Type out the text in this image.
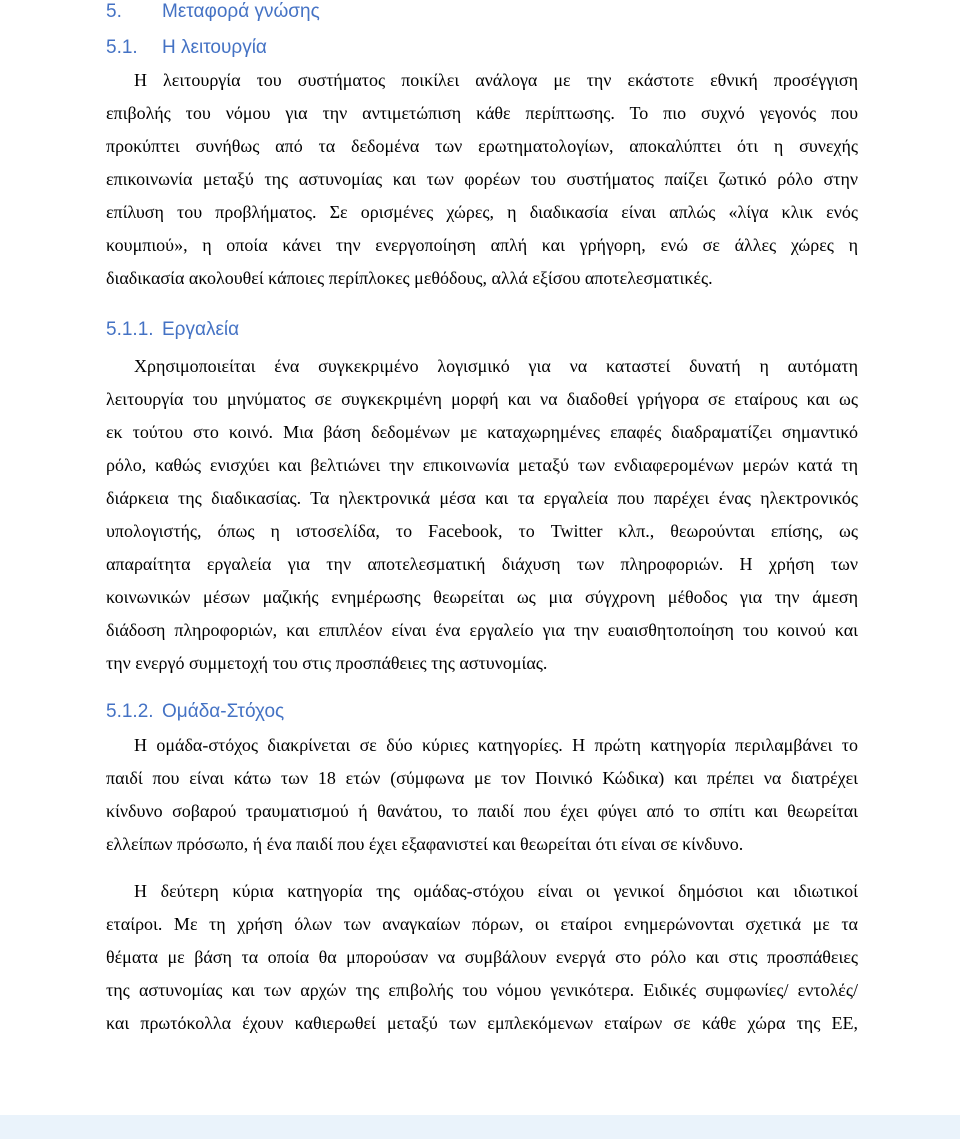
5. Μεταφορά γνώσης
5.1. Η λειτουργία
Η λειτουργία του συστήματος ποικίλει ανάλογα με την εκάστοτε εθνική προσέγγιση
επιβολής του νόμου για την αντιμετώπιση κάθε περίπτωσης. Το πιο συχνό γεγονός που
προκύπτει συνήθως από τα δεδομένα των ερωτηματολογίων, αποκαλύπτει ότι η συνεχής
επικοινωνία μεταξύ της αστυνομίας και των φορέων του συστήματος παίζει ζωτικό ρόλο στην
επίλυση του προβλήματος. Σε ορισμένες χώρες, η διαδικασία είναι απλώς «λίγα κλικ ενός
κουμπιού», η οποία κάνει την ενεργοποίηση απλή και γρήγορη, ενώ σε άλλες χώρες η
διαδικασία ακολουθεί κάποιες περίπλοκες μεθόδους, αλλά εξίσου αποτελεσματικές.
5.1.1. Εργαλεία
Χρησιμοποιείται ένα συγκεκριμένο λογισμικό για να καταστεί δυνατή η αυτόματη
λειτουργία του μηνύματος σε συγκεκριμένη μορφή και να διαδοθεί γρήγορα σε εταίρους και ως
εκ τούτου στο κοινό. Μια βάση δεδομένων με καταχωρημένες επαφές διαδραματίζει σημαντικό
ρόλο, καθώς ενισχύει και βελτιώνει την επικοινωνία μεταξύ των ενδιαφερομένων μερών κατά τη
διάρκεια της διαδικασίας. Τα ηλεκτρονικά μέσα και τα εργαλεία που παρέχει ένας ηλεκτρονικός
υπολογιστής, όπως η ιστοσελίδα, το Facebook, το Twitter κλπ., θεωρούνται επίσης, ως
απαραίτητα εργαλεία για την αποτελεσματική διάχυση των πληροφοριών. Η χρήση των
κοινωνικών μέσων μαζικής ενημέρωσης θεωρείται ως μια σύγχρονη μέθοδος για την άμεση
διάδοση πληροφοριών, και επιπλέον είναι ένα εργαλείο για την ευαισθητοποίηση του κοινού και
την ενεργό συμμετοχή του στις προσπάθειες της αστυνομίας.
5.1.2. Ομάδα-Στόχος
Η ομάδα-στόχος διακρίνεται σε δύο κύριες κατηγορίες. Η πρώτη κατηγορία περιλαμβάνει το
παιδί που είναι κάτω των 18 ετών (σύμφωνα με τον Ποινικό Κώδικα) και πρέπει να διατρέχει
κίνδυνο σοβαρού τραυματισμού ή θανάτου, το παιδί που έχει φύγει από το σπίτι και θεωρείται
ελλείπων πρόσωπο, ή ένα παιδί που έχει εξαφανιστεί και θεωρείται ότι είναι σε κίνδυνο.
Η δεύτερη κύρια κατηγορία της ομάδας-στόχου είναι οι γενικοί δημόσιοι και ιδιωτικοί
εταίροι. Με τη χρήση όλων των αναγκαίων πόρων, οι εταίροι ενημερώνονται σχετικά με τα
θέματα με βάση τα οποία θα μπορούσαν να συμβάλουν ενεργά στο ρόλο και στις προσπάθειες
της αστυνομίας και των αρχών της επιβολής του νόμου γενικότερα. Ειδικές συμφωνίες/ εντολές/
και πρωτόκολλα έχουν καθιερωθεί μεταξύ των εμπλεκόμενων εταίρων σε κάθε χώρα της ΕΕ,
